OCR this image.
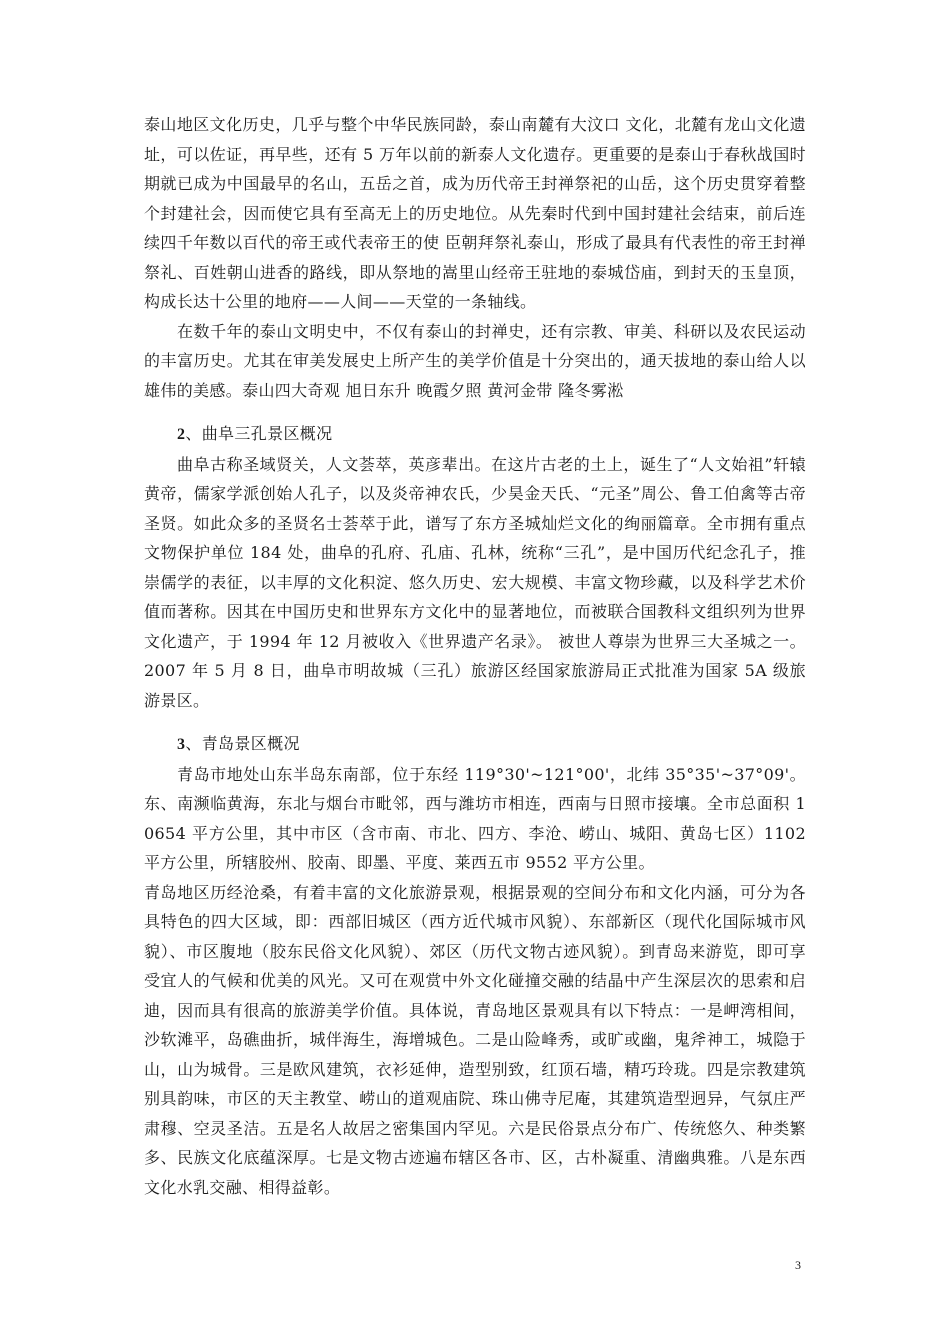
泰山地区文化历史，几乎与整个中华民族同龄，泰山南麓有大汶口 文化，北麓有龙山文化遗址，可以佐证，再早些，还有 5 万年以前的新泰人文化遗存。更重要的是泰山于春秋战国时期就已成为中国最早的名山，五岳之首，成为历代帝王封禅祭祀的山岳，这个历史贯穿着整个封建社会，因而使它具有至高无上的历史地位。从先秦时代到中国封建社会结束，前后连续四千年数以百代的帝王或代表帝王的使 臣朝拜祭礼泰山，形成了最具有代表性的帝王封禅祭礼、百姓朝山进香的路线，即从祭地的嵩里山经帝王驻地的泰城岱庙，到封天的玉皇顶，构成长达十公里的地府——人间——天堂的一条轴线。

在数千年的泰山文明史中，不仅有泰山的封禅史，还有宗教、审美、科研以及农民运动的丰富历史。尤其在审美发展史上所产生的美学价值是十分突出的，通天拔地的泰山给人以雄伟的美感。泰山四大奇观 旭日东升 晚霞夕照 黄河金带 隆冬雾淞

2、曲阜三孔景区概况

曲阜古称圣域贤关，人文荟萃，英彦辈出。在这片古老的土上，诞生了“人文始祖”轩辕黄帝，儒家学派创始人孔子，以及炎帝神农氏，少昊金天氏、“元圣”周公、鲁工伯禽等古帝圣贤。如此众多的圣贤名士荟萃于此，谱写了东方圣城灿烂文化的绚丽篇章。全市拥有重点文物保护单位 184 处，曲阜的孔府、孔庙、孔林，统称“三孔”，是中国历代纪念孔子，推崇儒学的表征，以丰厚的文化积淀、悠久历史、宏大规模、丰富文物珍藏，以及科学艺术价值而著称。因其在中国历史和世界东方文化中的显著地位，而被联合国教科文组织列为世界文化遗产，于 1994 年 12 月被收入《世界遗产名录》。 被世人尊崇为世界三大圣城之一。 2007 年 5 月 8 日，曲阜市明故城（三孔）旅游区经国家旅游局正式批准为国家 5A 级旅游景区。

3、青岛景区概况

青岛市地处山东半岛东南部，位于东经 119°30'~121°00'，北纬 35°35'~37°09'。东、南濒临黄海，东北与烟台市毗邻，西与潍坊市相连，西南与日照市接壤。全市总面积 10654 平方公里，其中市区（含市南、市北、四方、李沧、崂山、城阳、黄岛七区）1102 平方公里，所辖胶州、胶南、即墨、平度、莱西五市 9552 平方公里。

青岛地区历经沧桑，有着丰富的文化旅游景观，根据景观的空间分布和文化内涵，可分为各具特色的四大区域，即：西部旧城区（西方近代城市风貌）、东部新区（现代化国际城市风貌）、市区腹地（胶东民俗文化风貌）、郊区（历代文物古迹风貌）。到青岛来游览，即可享受宜人的气候和优美的风光。又可在观赏中外文化碰撞交融的结晶中产生深层次的思索和启迪，因而具有很高的旅游美学价值。具体说，青岛地区景观具有以下特点：一是岬湾相间，沙软滩平，岛礁曲折，城伴海生，海增城色。二是山险峰秀，或旷或幽，鬼斧神工，城隐于山，山为城骨。三是欧风建筑，衣衫延伸，造型别致，红顶石墙，精巧玲珑。四是宗教建筑别具韵味，市区的天主教堂、崂山的道观庙院、珠山佛寺尼庵，其建筑造型迥异，气氛庄严肃穆、空灵圣洁。五是名人故居之密集国内罕见。六是民俗景点分布广、传统悠久、种类繁多、民族文化底蕴深厚。七是文物古迹遍布辖区各市、区，古朴凝重、清幽典雅。八是东西文化水乳交融、相得益彰。

3
